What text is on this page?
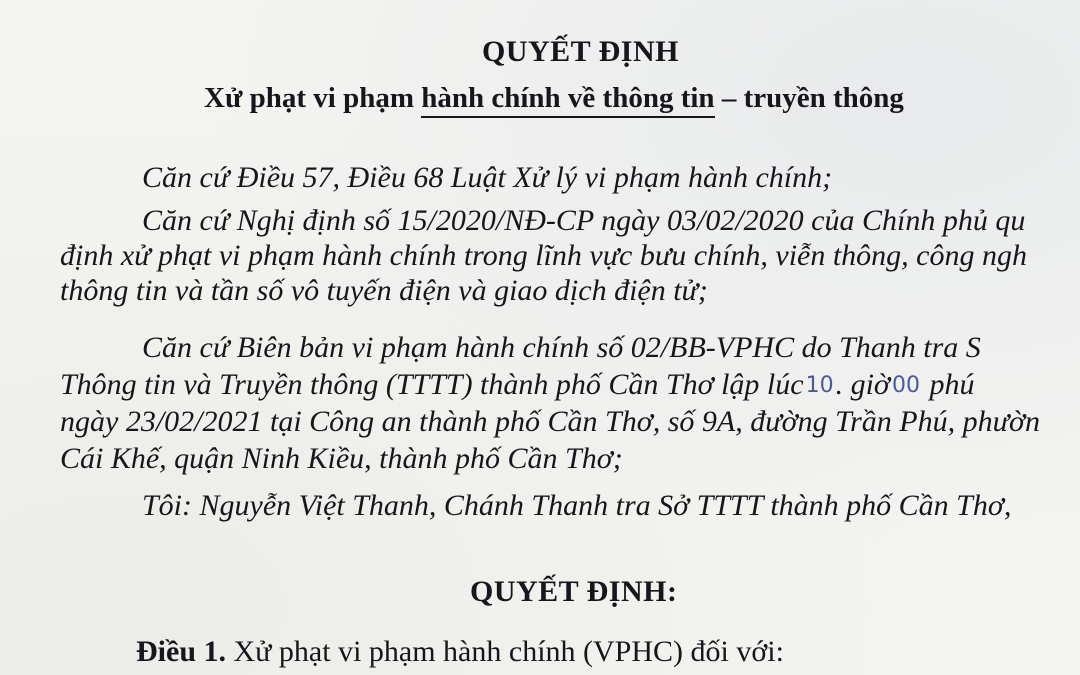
QUYẾT ĐỊNH
Xử phạt vi phạm hành chính về thông tin – truyền thông
Căn cứ Điều 57, Điều 68 Luật Xử lý vi phạm hành chính;
Căn cứ Nghị định số 15/2020/NĐ-CP ngày 03/02/2020 của Chính phủ qu
định xử phạt vi phạm hành chính trong lĩnh vực bưu chính, viễn thông, công ngh
thông tin và tần số vô tuyến điện và giao dịch điện tử;
Căn cứ Biên bản vi phạm hành chính số 02/BB-VPHC do Thanh tra S
Thông tin và Truyền thông (TTTT) thành phố Cần Thơ lập lúc10. giờ00 phú
ngày 23/02/2021 tại Công an thành phố Cần Thơ, số 9A, đường Trần Phú, phườn
Cái Khế, quận Ninh Kiều, thành phố Cần Thơ;
Tôi: Nguyễn Việt Thanh, Chánh Thanh tra Sở TTTT thành phố Cần Thơ,
QUYẾT ĐỊNH:
Điều 1. Xử phạt vi phạm hành chính (VPHC) đối với:
